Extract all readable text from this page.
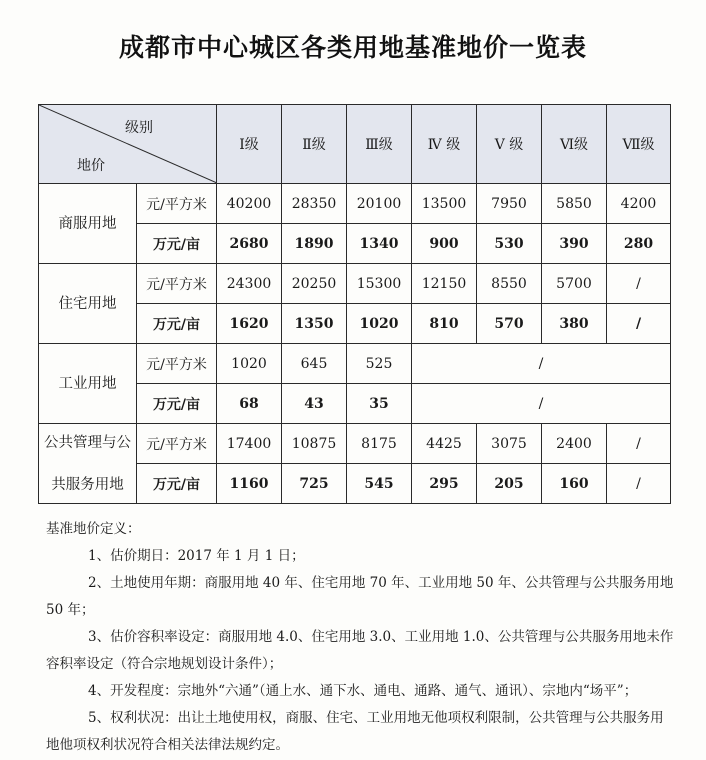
成都市中心城区各类用地基准地价一览表
级别
地价		Ⅰ级	Ⅱ级	Ⅲ级	Ⅳ 级	Ⅴ 级	Ⅵ级	Ⅶ级
商服用地	元/平方米	40200	28350	20100	13500	7950	5850	4200
	万元/亩	2680	1890	1340	900	530	390	280
住宅用地	元/平方米	24300	20250	15300	12150	8550	5700	/
	万元/亩	1620	1350	1020	810	570	380	/
工业用地	元/平方米	1020	645	525	/			
	万元/亩	68	43	35	/			

公共管理与公
共服务用地	元/平方米	17400	10875	8175	4425	3075	2400	/
	万元/亩	1160	725	545	295	205	160	/

基准地价定义：

1、估价期日：2017 年 1 月 1 日；

2、土地使用年期：商服用地 40 年、住宅用地 70 年、工业用地 50 年、公共管理与公共服务用地 50 年；

3、估价容积率设定：商服用地 4.0、住宅用地 3.0、工业用地 1.0、公共管理与公共服务用地未作容积率设定（符合宗地规划设计条件）；

4、开发程度：宗地外“六通”（通上水、通下水、通电、通路、通气、通讯）、宗地内“场平”；

5、权利状况：出让土地使用权，商服、住宅、工业用地无他项权利限制，公共管理与公共服务用地他项权利状况符合相关法律法规约定。
